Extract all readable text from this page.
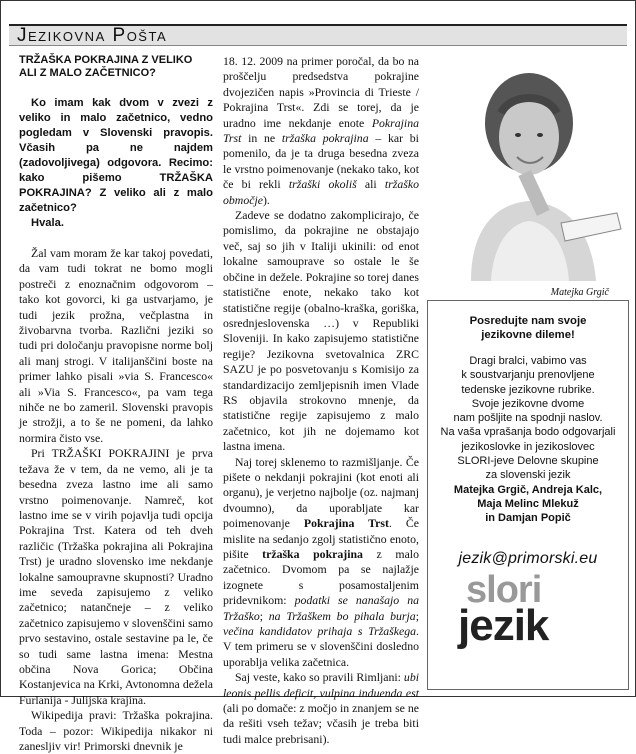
Jezikovna Pošta
TRŽAŠKA POKRAJINA Z VELIKO
ALI Z MALO ZAČETNICO?

Ko imam kak dvom v zvezi z veliko in malo začetnico, vedno pogledam v Slovenski pravopis. Včasih pa ne najdem (zadovoljivega) odgovora. Recimo: kako pišemo TRŽAŠKA POKRAJINA? Z veliko ali z malo začetnico?

Hvala.

Žal vam moram že kar takoj povedati, da vam tudi tokrat ne bomo mogli postreči z enoznačnim odgovorom – tako kot govorci, ki ga ustvarjamo, je tudi jezik prožna, večplastna in živobarvna tvorba. Različni jeziki so tudi pri določanju pravopisne norme bolj ali manj strogi. V italijanščini boste na primer lahko pisali »via S. Francesco« ali »Via S. Francesco«, pa vam tega nihče ne bo zameril. Slovenski pravopis je strožji, a to še ne pomeni, da lahko normira čisto vse.

Pri TRŽAŠKI POKRAJINI je prva težava že v tem, da ne vemo, ali je ta besedna zveza lastno ime ali samo vrstno poimenovanje. Namreč, kot lastno ime se v virih pojavlja tudi opcija Pokrajina Trst. Katera od teh dveh različic (Tržaška pokrajina ali Pokrajina Trst) je uradno slovensko ime nekdanje lokalne samoupravne skupnosti? Uradno ime seveda zapisujemo z veliko začetnico; natančneje – z veliko začetnico zapisujemo v slovenščini samo prvo sestavino, ostale sestavine pa le, če so tudi same lastna imena: Mestna občina Nova Gorica; Občina Kostanjevica na Krki, Avtonomna dežela Furlanija - Julijska krajina.

Wikipedija pravi: Tržaška pokrajina. Toda – pozor: Wikipedija nikakor ni zanesljiv vir! Primorski dnevnik je

18. 12. 2009 na primer poročal, da bo na proščelju predsedstva pokrajine dvojezičen napis »Provincia di Trieste / Pokrajina Trst«. Zdi se torej, da je uradno ime nekdanje enote Pokrajina Trst in ne tržaška pokrajina – kar bi pomenilo, da je ta druga besedna zveza le vrstno poimenovanje (nekako tako, kot če bi rekli tržaški okoliš ali tržaško območje).

Zadeve se dodatno zakomplicirajo, če pomislimo, da pokrajine ne obstajajo več, saj so jih v Italiji ukinili: od enot lokalne samouprave so ostale le še občine in dežele. Pokrajine so torej danes statistične enote, nekako tako kot statistične regije (obalno-kraška, goriška, osrednjeslovenska …) v Republiki Sloveniji. In kako zapisujemo statistične regije? Jezikovna svetovalnica ZRC SAZU je po posvetovanju s Komisijo za standardizacijo zemljepisnih imen Vlade RS objavila strokovno mnenje, da statistične regije zapisujemo z malo začetnico, kot jih ne dojemamo kot lastna imena.

Naj torej sklenemo to razmišljanje. Če pišete o nekdanji pokrajini (kot enoti ali organu), je verjetno najbolje (oz. najmanj dvoumno), da uporabljate kar poimenovanje Pokrajina Trst. Če mislite na sedanjo zgolj statistično enoto, pišite tržaška pokrajina z malo začetnico. Dvomom pa se najlažje izognete s posamostaljenim pridevnikom: podatki se nanašajo na Tržaško; na Tržaškem bo pihala burja; večina kandidatov prihaja s Tržaškega. V tem primeru se v slovenščini dosledno uporablja velika začetnica.

Saj veste, kako so pravili Rimljani: ubi leonis pellis deficit, vulpina induenda est (ali po domače: z močjo in znanjem se ne da rešiti vseh težav; včasih je treba biti tudi malce prebrisani).

Matejka Grgič
Posredujte nam svoje
jezikovne dileme!
Dragi bralci, vabimo vas
k soustvarjanju prenovljene
tedenske jezikovne rubrike.
Svoje jezikovne dvome
nam pošljite na spodnji naslov.
Na vaša vprašanja bodo odgovarjali
jezikoslovke in jezikoslovec
SLORI-jeve Delovne skupine
za slovenski jezik
Matejka Grgič, Andreja Kalc,
Maja Melinc Mlekuž
in Damjan Popič
jezik@primorski.eu
slori
jezik
